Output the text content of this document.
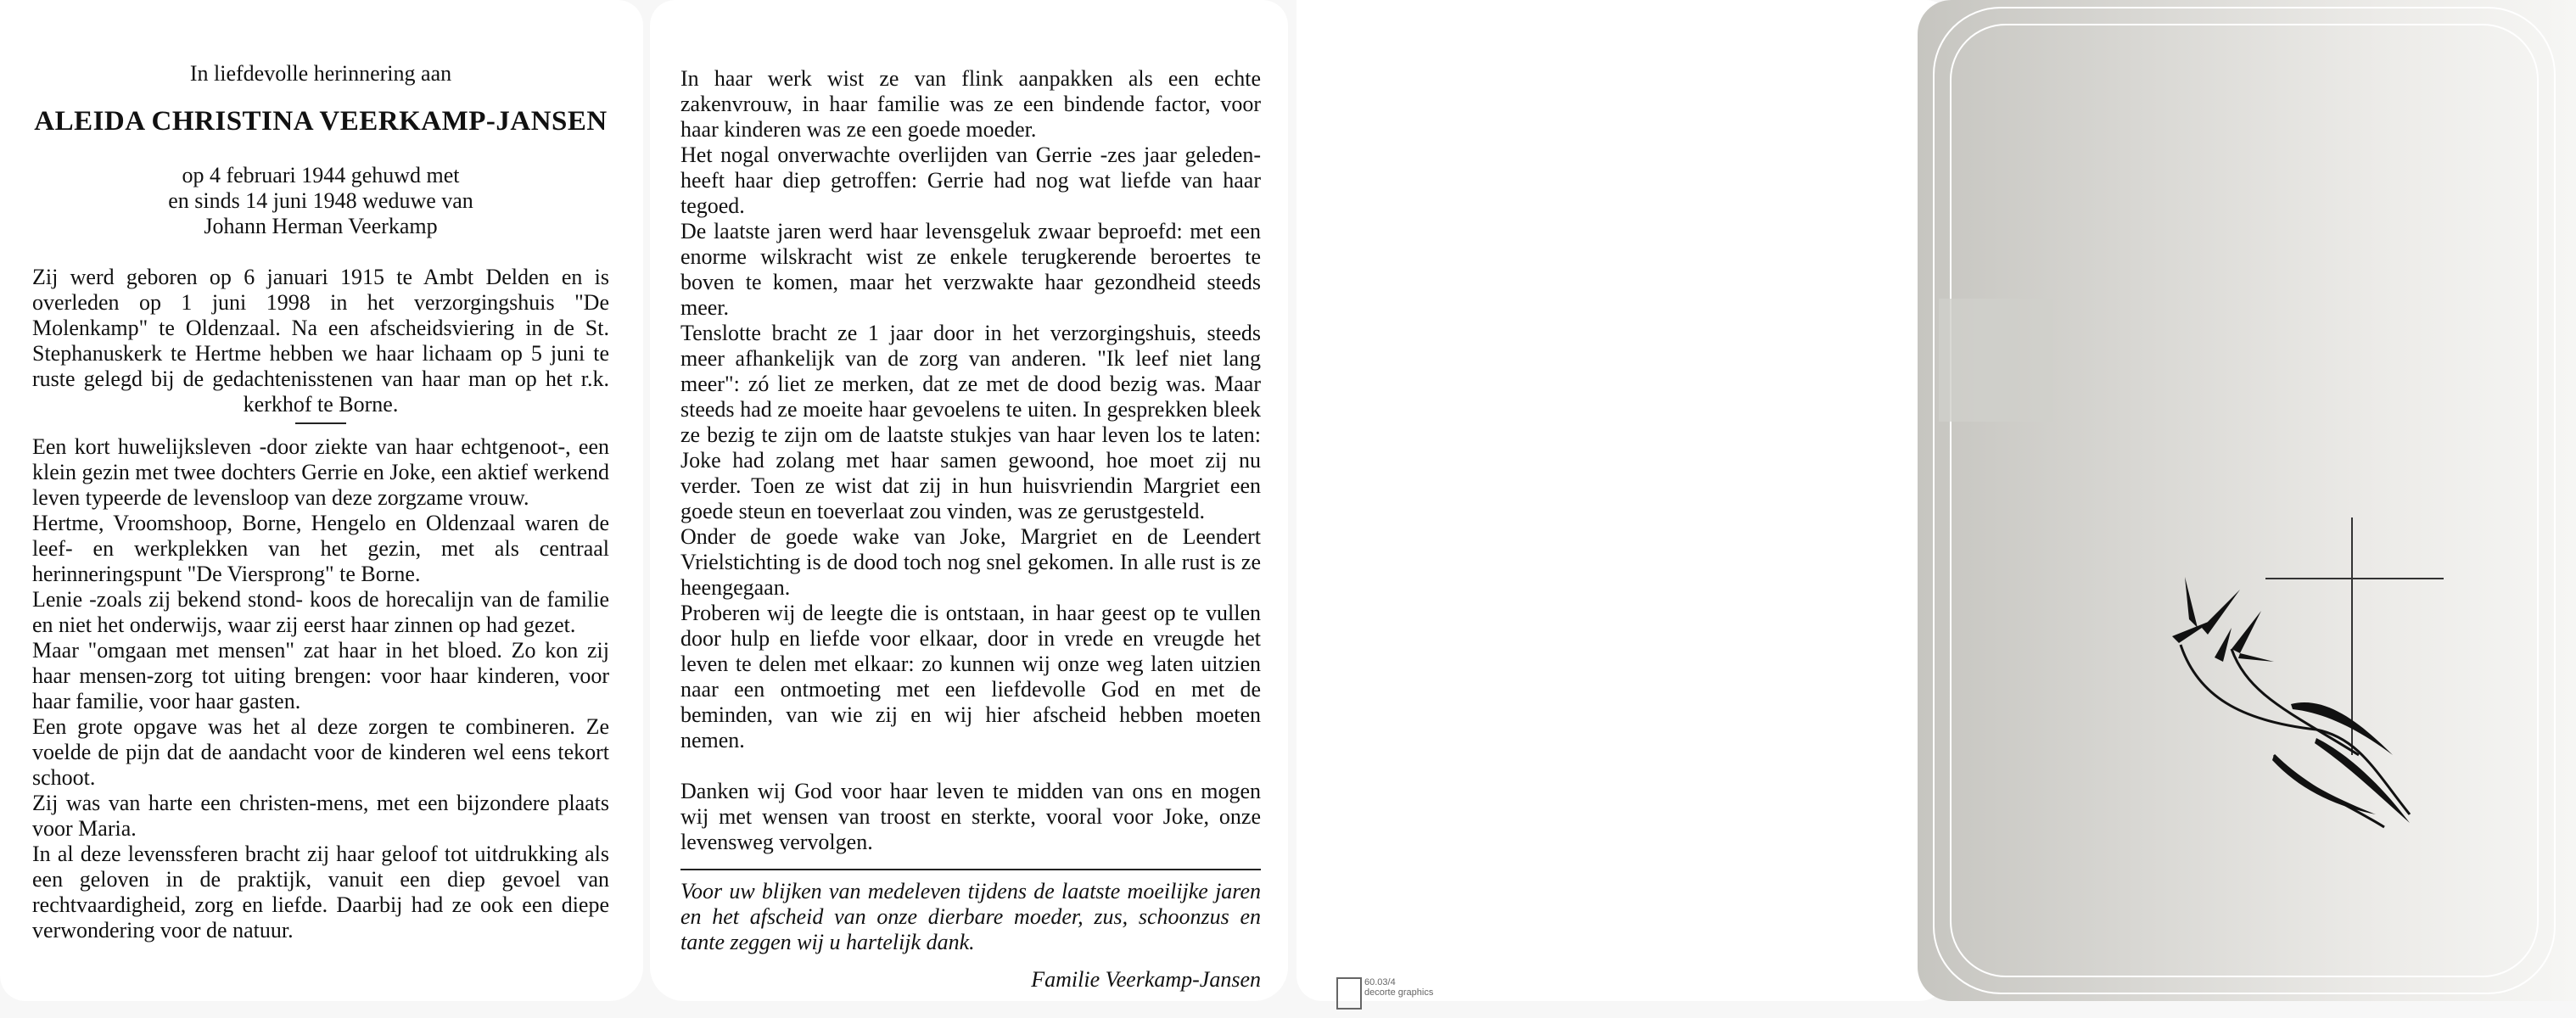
In liefdevolle herinnering aan
ALEIDA CHRISTINA VEERKAMP-JANSEN
op 4 februari 1944 gehuwd met
en sinds 14 juni 1948 weduwe van
Johann Herman Veerkamp

Zij werd geboren op 6 januari 1915 te Ambt Delden en is overleden op 1 juni 1998 in het verzorgingshuis "De Molenkamp" te Oldenzaal. Na een afscheidsviering in de St. Stephanuskerk te Hertme hebben we haar lichaam op 5 juni te ruste gelegd bij de gedachtenisstenen van haar man op het r.k. kerkhof te Borne.

Een kort huwelijksleven -door ziekte van haar echtgenoot-, een klein gezin met twee dochters Gerrie en Joke, een aktief werkend leven typeerde de levensloop van deze zorgzame vrouw.

Hertme, Vroomshoop, Borne, Hengelo en Oldenzaal waren de leef- en werkplekken van het gezin, met als centraal herinneringspunt "De Viersprong" te Borne.

Lenie -zoals zij bekend stond- koos de horecalijn van de familie en niet het onderwijs, waar zij eerst haar zinnen op had gezet.

Maar "omgaan met mensen" zat haar in het bloed. Zo kon zij haar mensen-zorg tot uiting brengen: voor haar kinderen, voor haar familie, voor haar gasten.

Een grote opgave was het al deze zorgen te combineren. Ze voelde de pijn dat de aandacht voor de kinderen wel eens tekort schoot.

Zij was van harte een christen-mens, met een bijzondere plaats voor Maria.

In al deze levenssferen bracht zij haar geloof tot uitdrukking als een geloven in de praktijk, vanuit een diep gevoel van rechtvaardigheid, zorg en liefde. Daarbij had ze ook een diepe verwondering voor de natuur.

In haar werk wist ze van flink aanpakken als een echte zakenvrouw, in haar familie was ze een bindende factor, voor haar kinderen was ze een goede moeder.

Het nogal onverwachte overlijden van Gerrie -zes jaar geleden- heeft haar diep getroffen: Gerrie had nog wat liefde van haar tegoed.

De laatste jaren werd haar levensgeluk zwaar beproefd: met een enorme wilskracht wist ze enkele terugkerende beroertes te boven te komen, maar het verzwakte haar gezondheid steeds meer.

Tenslotte bracht ze 1 jaar door in het verzorgingshuis, steeds meer afhankelijk van de zorg van anderen. "Ik leef niet lang meer": zó liet ze merken, dat ze met de dood bezig was. Maar steeds had ze moeite haar gevoelens te uiten. In gesprekken bleek ze bezig te zijn om de laatste stukjes van haar leven los te laten: Joke had zolang met haar samen gewoond, hoe moet zij nu verder. Toen ze wist dat zij in hun huisvriendin Margriet een goede steun en toeverlaat zou vinden, was ze gerustgesteld.

Onder de goede wake van Joke, Margriet en de Leendert Vrielstichting is de dood toch nog snel gekomen. In alle rust is ze heengegaan.

Proberen wij de leegte die is ontstaan, in haar geest op te vullen door hulp en liefde voor elkaar, door in vrede en vreugde het leven te delen met elkaar: zo kunnen wij onze weg laten uitzien naar een ontmoeting met een liefdevolle God en met de beminden, van wie zij en wij hier afscheid hebben moeten nemen.

Danken wij God voor haar leven te midden van ons en mogen wij met wensen van troost en sterkte, vooral voor Joke, onze levensweg vervolgen.

Voor uw blijken van medeleven tijdens de laatste moeilijke jaren en het afscheid van onze dierbare moeder, zus, schoonzus en tante zeggen wij u hartelijk dank.

Familie Veerkamp-Jansen	60.03/4
decorte graphics
